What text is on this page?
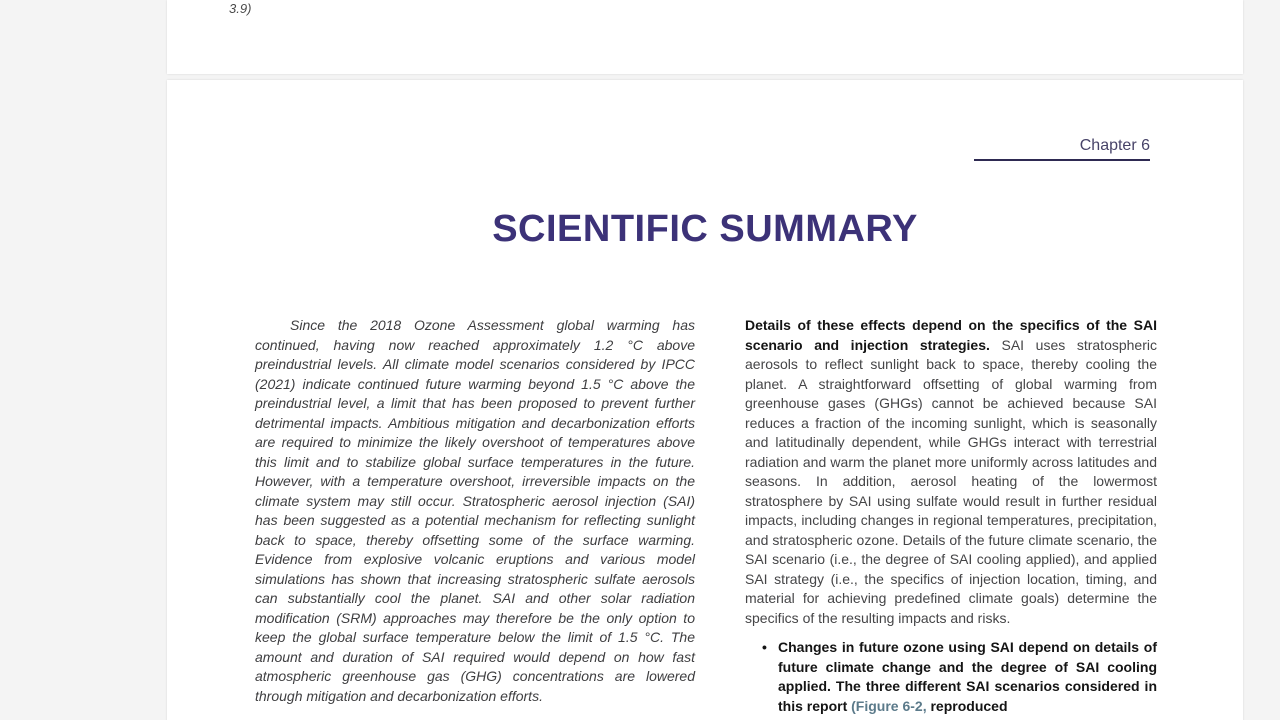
3.9)
Chapter 6
SCIENTIFIC SUMMARY

Since the 2018 Ozone Assessment global warming has continued, having now reached approximately 1.2 °C above preindustrial levels. All climate model scenarios considered by IPCC (2021) indicate continued future warming beyond 1.5 °C above the preindustrial level, a limit that has been proposed to prevent further detrimental impacts. Ambitious mitigation and decarbonization efforts are required to minimize the likely overshoot of temperatures above this limit and to stabilize global surface temperatures in the future. However, with a temperature overshoot, irreversible impacts on the climate system may still occur. Stratospheric aerosol injection (SAI) has been suggested as a potential mechanism for reflecting sunlight back to space, thereby offsetting some of the surface warming. Evidence from explosive volcanic eruptions and various model simulations has shown that increasing stratospheric sulfate aerosols can substantially cool the planet. SAI and other solar radiation modification (SRM) approaches may therefore be the only option to keep the global surface temperature below the limit of 1.5 °C. The amount and duration of SAI required would depend on how fast atmospheric greenhouse gas (GHG) concentrations are lowered through mitigation and decarbonization efforts.

Details of these effects depend on the specifics of the SAI scenario and injection strategies. SAI uses stratospheric aerosols to reflect sunlight back to space, thereby cooling the planet. A straightforward offsetting of global warming from greenhouse gases (GHGs) cannot be achieved because SAI reduces a fraction of the incoming sunlight, which is seasonally and latitudinally dependent, while GHGs interact with terrestrial radiation and warm the planet more uniformly across latitudes and seasons. In addition, aerosol heating of the lowermost stratosphere by SAI using sulfate would result in further residual impacts, including changes in regional temperatures, precipitation, and stratospheric ozone. Details of the future climate scenario, the SAI scenario (i.e., the degree of SAI cooling applied), and applied SAI strategy (i.e., the specifics of injection location, timing, and material for achieving predefined climate goals) determine the specifics of the resulting impacts and risks.

• Changes in future ozone using SAI depend on details of future climate change and the degree of SAI cooling applied. The three different SAI scenarios considered in this report (Figure 6-2, reproduced
